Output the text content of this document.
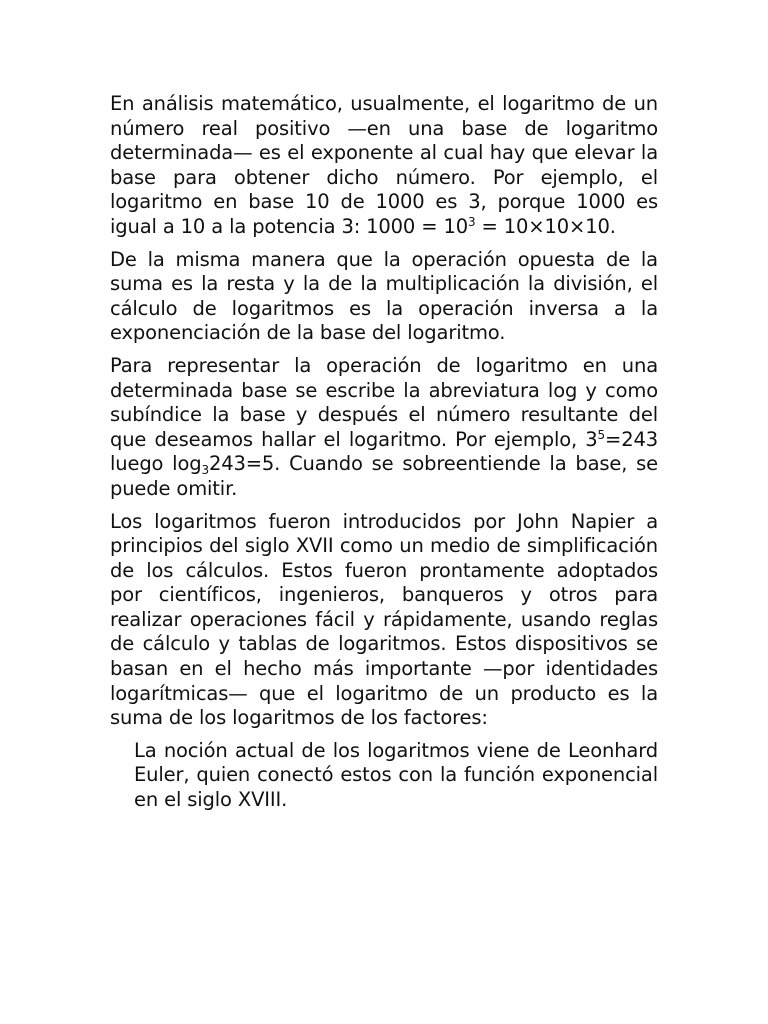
En análisis matemático, usualmente, el logaritmo de un número real positivo —en una base de logaritmo determinada— es el exponente al cual hay que elevar la base para obtener dicho número. Por ejemplo, el logaritmo en base 10 de 1000 es 3, porque 1000 es igual a 10 a la potencia 3: $1000 = 10^3 = 10\times 10\times 10$.

De la misma manera que la operación opuesta de la suma es la resta y la de la multiplicación la división, el cálculo de logaritmos es la operación inversa a la exponenciación de la base del logaritmo.

Para representar la operación de logaritmo en una determinada base se escribe la abreviatura log y como subíndice la base y después el número resultante del que deseamos hallar el logaritmo. Por ejemplo, $3^5=243$ luego $\log_3243=5$. Cuando se sobreentiende la base, se puede omitir.

Los logaritmos fueron introducidos por John Napier a principios del siglo XVII como un medio de simplificación de los cálculos. Estos fueron prontamente adoptados por científicos, ingenieros, banqueros y otros para realizar operaciones fácil y rápidamente, usando reglas de cálculo y tablas de logaritmos. Estos dispositivos se basan en el hecho más importante —por identidades logarítmicas— que el logaritmo de un producto es la suma de los logaritmos de los factores:

La noción actual de los logaritmos viene de Leonhard Euler, quien conectó estos con la función exponencial en el siglo XVIII.
